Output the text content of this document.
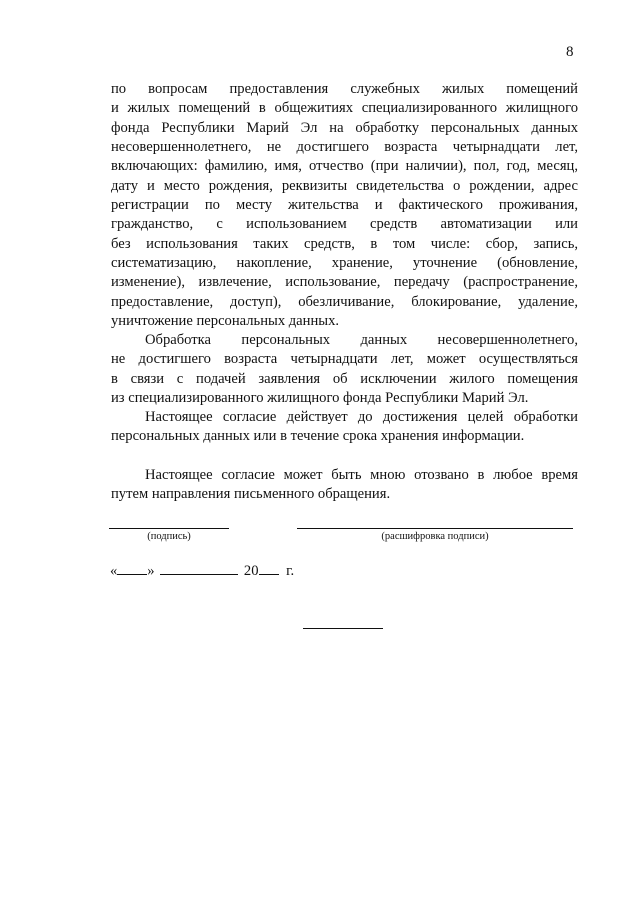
8
по вопросам предоставления служебных жилых помещений
и жилых помещений в общежитиях специализированного жилищного
фонда Республики Марий Эл на обработку персональных данных
несовершеннолетнего, не достигшего возраста четырнадцати лет,
включающих: фамилию, имя, отчество (при наличии), пол, год, месяц,
дату и место рождения, реквизиты свидетельства о рождении, адрес
регистрации по месту жительства и фактического проживания,
гражданство, с использованием средств автоматизации или
без использования таких средств, в том числе: сбор, запись,
систематизацию, накопление, хранение, уточнение (обновление,
изменение), извлечение, использование, передачу (распространение,
предоставление, доступ), обезличивание, блокирование, удаление,
уничтожение персональных данных.
Обработка персональных данных несовершеннолетнего,
не достигшего возраста четырнадцати лет, может осуществляться
в связи с подачей заявления об исключении жилого помещения
из специализированного жилищного фонда Республики Марий Эл.
Настоящее согласие действует до достижения целей обработки
персональных данных или в течение срока хранения информации.
Настоящее согласие может быть мною отозвано в любое время
путем направления письменного обращения.
(подпись)	(расшифровка подписи)
« »	20 г.
